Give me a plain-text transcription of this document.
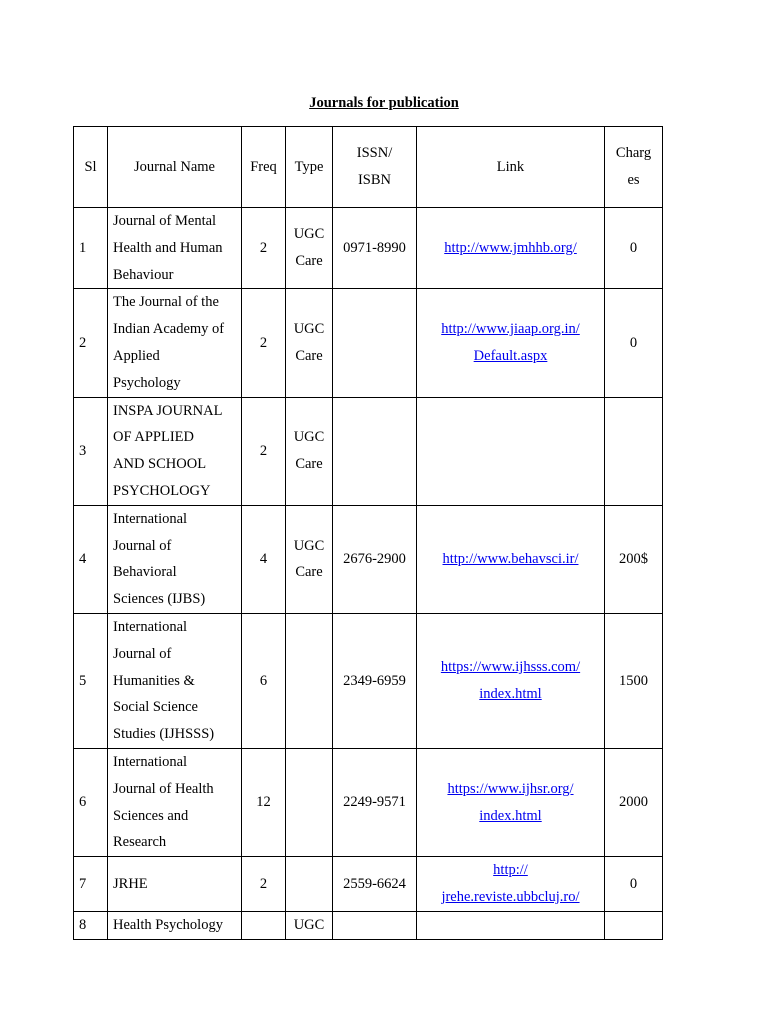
Journals for publication
Sl	Journal Name	Freq	Type	ISSN/
ISBN	Link	Charg
es

1	Journal of Mental
Health and Human
Behaviour	2	UGC
Care	0971-8990	http://www.jmhhb.org/	0
2	The Journal of the
Indian Academy of
Applied
Psychology	2	UGC
Care		http://www.jiaap.org.in/
Default.aspx	0
3	INSPA JOURNAL
OF APPLIED
AND SCHOOL
PSYCHOLOGY	2	UGC
Care			

4	International
Journal of
Behavioral
Sciences (IJBS)	4	UGC
Care	2676-2900	http://www.behavsci.ir/	200$
5	International
Journal of
Humanities &
Social Science
Studies (IJHSSS)	6		2349-6959	https://www.ijhsss.com/
index.html	1500
6	International
Journal of Health
Sciences and
Research	12		2249-9571	https://www.ijhsr.org/
index.html	2000
7	JRHE	2		2559-6624	http://
jrehe.reviste.ubbcluj.ro/	0
8	Health Psychology		UGC			
